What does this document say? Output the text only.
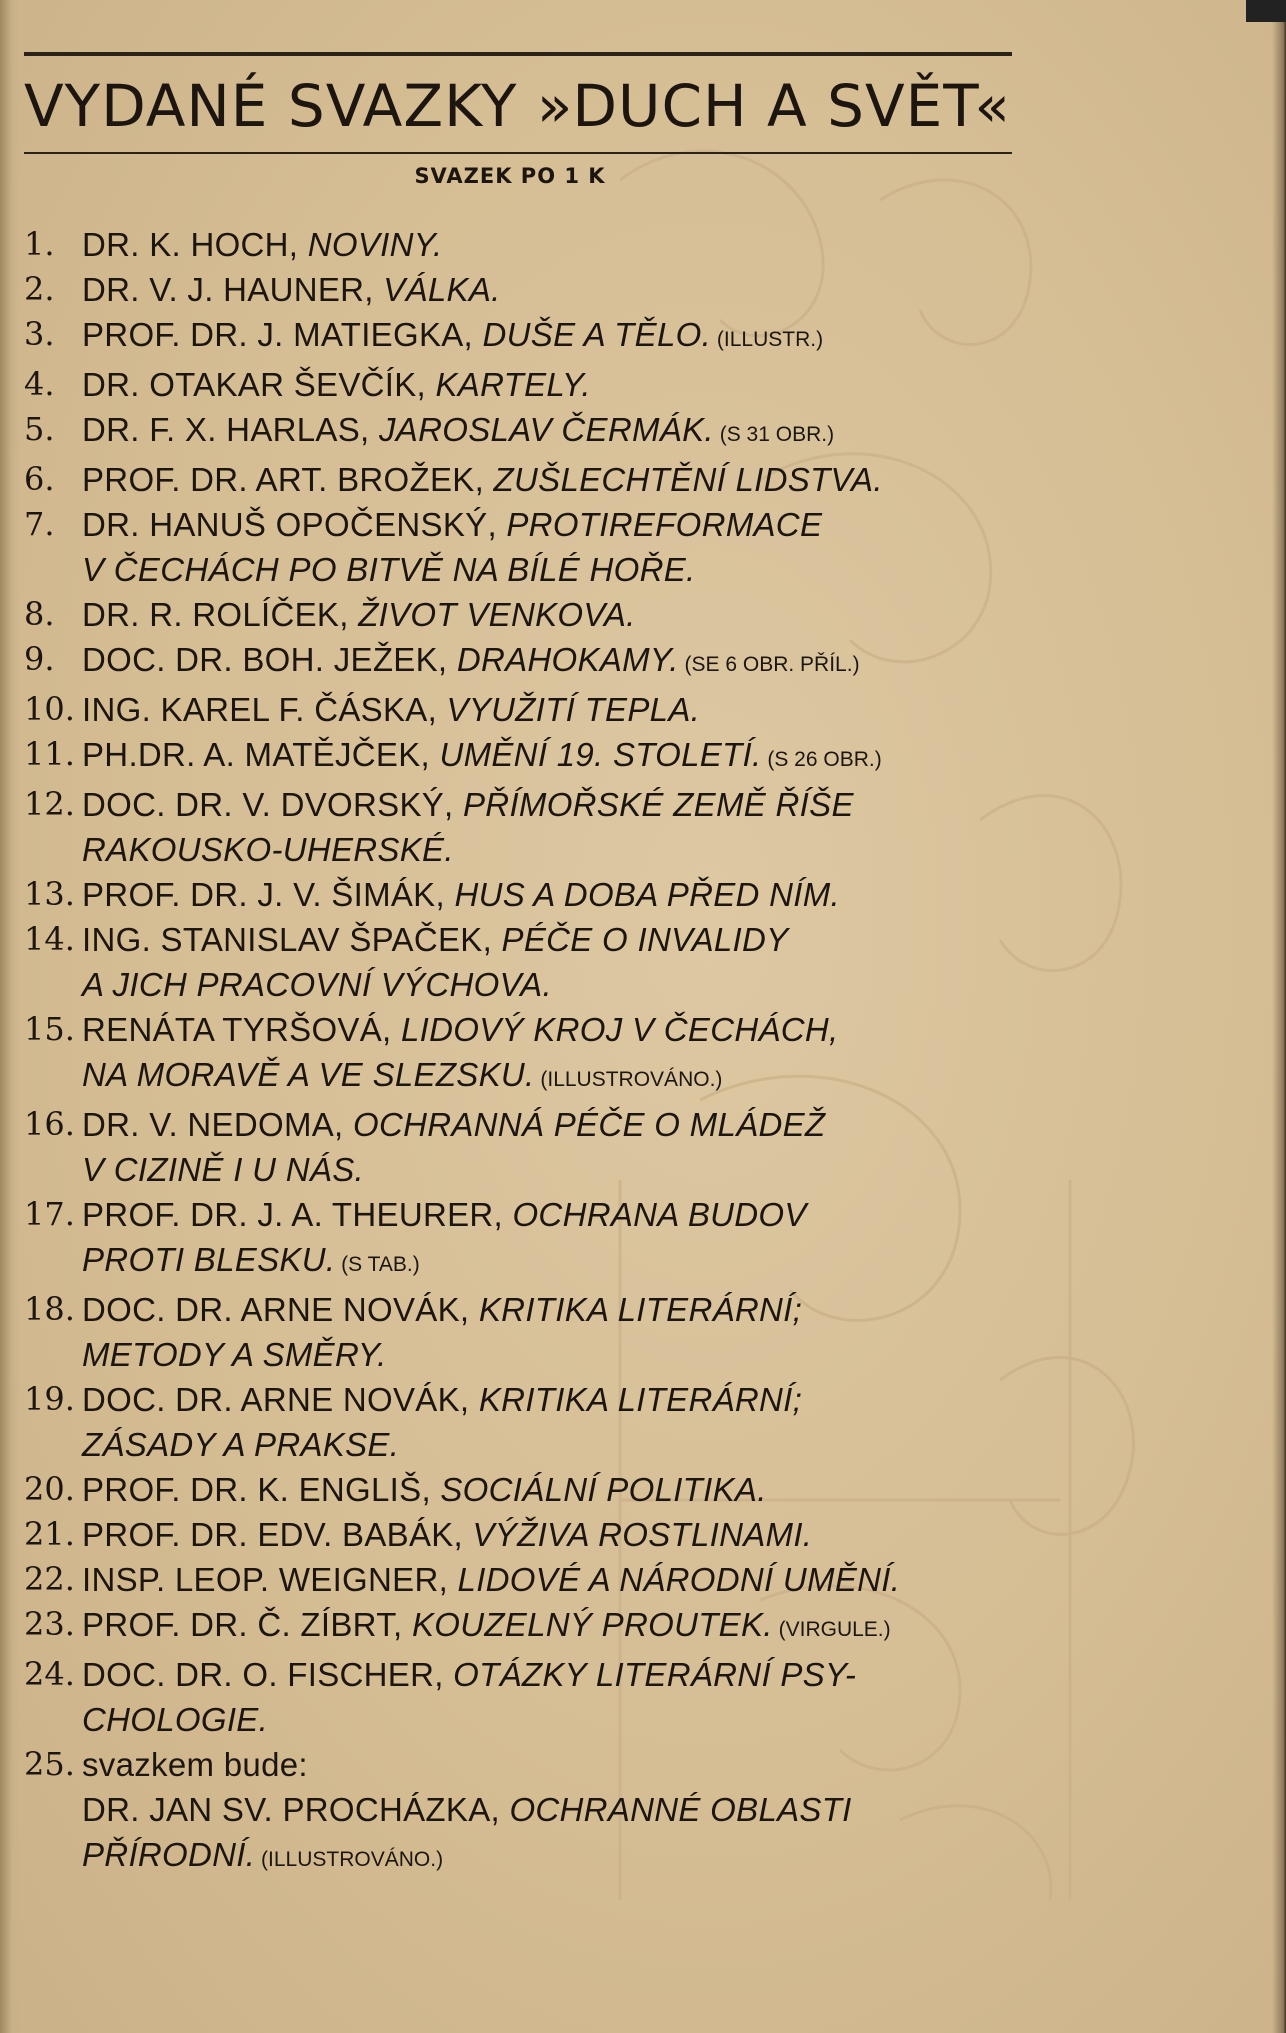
VYDANÉ SVAZKY »DUCH A SVĚT«
SVAZEK PO 1 K
1. DR. K. HOCH, NOVINY.
2. DR. V. J. HAUNER, VÁLKA.
3. PROF. DR. J. MATIEGKA, DUŠE A TĚLO. (ILLUSTR.)
4. DR. OTAKAR ŠEVČÍK, KARTELY.
5. DR. F. X. HARLAS, JAROSLAV ČERMÁK. (S 31 OBR.)
6. PROF. DR. ART. BROŽEK, ZUŠLECHTĚNÍ LIDSTVA.
7. DR. HANUŠ OPOČENSKÝ, PROTIREFORMACE
V ČECHÁCH PO BITVĚ NA BÍLÉ HOŘE.
8. DR. R. ROLÍČEK, ŽIVOT VENKOVA.
9. DOC. DR. BOH. JEŽEK, DRAHOKAMY. (SE 6 OBR. PŘÍL.)
10. ING. KAREL F. ČÁSKA, VYUŽITÍ TEPLA.
11. PH.DR. A. MATĚJČEK, UMĚNÍ 19. STOLETÍ. (S 26 OBR.)
12. DOC. DR. V. DVORSKÝ, PŘÍMOŘSKÉ ZEMĚ ŘÍŠE
RAKOUSKO-UHERSKÉ.
13. PROF. DR. J. V. ŠIMÁK, HUS A DOBA PŘED NÍM.
14. ING. STANISLAV ŠPAČEK, PÉČE O INVALIDY
A JICH PRACOVNÍ VÝCHOVA.
15. RENÁTA TYRŠOVÁ, LIDOVÝ KROJ V ČECHÁCH,
NA MORAVĚ A VE SLEZSKU. (ILLUSTROVÁNO.)
16. DR. V. NEDOMA, OCHRANNÁ PÉČE O MLÁDEŽ
V CIZINĚ I U NÁS.
17. PROF. DR. J. A. THEURER, OCHRANA BUDOV
PROTI BLESKU. (S TAB.)
18. DOC. DR. ARNE NOVÁK, KRITIKA LITERÁRNÍ;
METODY A SMĚRY.
19. DOC. DR. ARNE NOVÁK, KRITIKA LITERÁRNÍ;
ZÁSADY A PRAKSE.
20. PROF. DR. K. ENGLIŠ, SOCIÁLNÍ POLITIKA.
21. PROF. DR. EDV. BABÁK, VÝŽIVA ROSTLINAMI.
22. INSP. LEOP. WEIGNER, LIDOVÉ A NÁRODNÍ UMĚNÍ.
23. PROF. DR. Č. ZÍBRT, KOUZELNÝ PROUTEK. (VIRGULE.)
24. DOC. DR. O. FISCHER, OTÁZKY LITERÁRNÍ PSY-
CHOLOGIE.
25. svazkem bude:
DR. JAN SV. PROCHÁZKA, OCHRANNÉ OBLASTI
PŘÍRODNÍ. (ILLUSTROVÁNO.)
